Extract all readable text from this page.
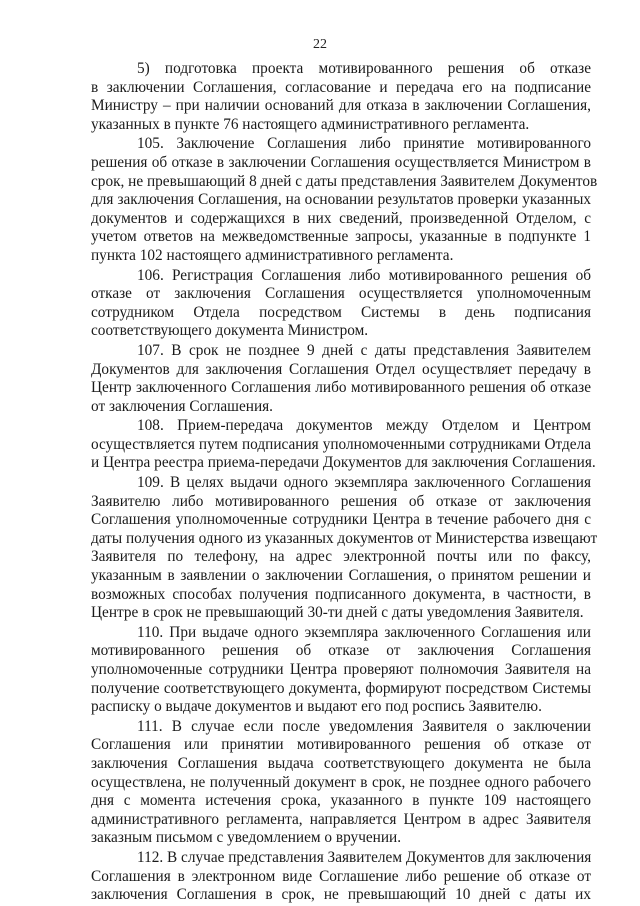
22
5) подготовка проекта мотивированного решения об отказе
в заключении Соглашения, согласование и передача его на подписание
Министру – при наличии оснований для отказа в заключении Соглашения,
указанных в пункте 76 настоящего административного регламента.
105. Заключение Соглашения либо принятие мотивированного
решения об отказе в заключении Соглашения осуществляется Министром в
срок, не превышающий 8 дней с даты представления Заявителем Документов
для заключения Соглашения, на основании результатов проверки указанных
документов и содержащихся в них сведений, произведенной Отделом, с
учетом ответов на межведомственные запросы, указанные в подпункте 1
пункта 102 настоящего административного регламента.
106. Регистрация Соглашения либо мотивированного решения об
отказе от заключения Соглашения осуществляется уполномоченным
сотрудником Отдела посредством Системы в день подписания
соответствующего документа Министром.
107. В срок не позднее 9 дней с даты представления Заявителем
Документов для заключения Соглашения Отдел осуществляет передачу в
Центр заключенного Соглашения либо мотивированного решения об отказе
от заключения Соглашения.
108. Прием-передача документов между Отделом и Центром
осуществляется путем подписания уполномоченными сотрудниками Отдела
и Центра реестра приема-передачи Документов для заключения Соглашения.
109. В целях выдачи одного экземпляра заключенного Соглашения
Заявителю либо мотивированного решения об отказе от заключения
Соглашения уполномоченные сотрудники Центра в течение рабочего дня с
даты получения одного из указанных документов от Министерства извещают
Заявителя по телефону, на адрес электронной почты или по факсу,
указанным в заявлении о заключении Соглашения, о принятом решении и
возможных способах получения подписанного документа, в частности, в
Центре в срок не превышающий 30-ти дней с даты уведомления Заявителя.
110. При выдаче одного экземпляра заключенного Соглашения или
мотивированного решения об отказе от заключения Соглашения
уполномоченные сотрудники Центра проверяют полномочия Заявителя на
получение соответствующего документа, формируют посредством Системы
расписку о выдаче документов и выдают его под роспись Заявителю.
111. В случае если после уведомления Заявителя о заключении
Соглашения или принятии мотивированного решения об отказе от
заключения Соглашения выдача соответствующего документа не была
осуществлена, не полученный документ в срок, не позднее одного рабочего
дня с момента истечения срока, указанного в пункте 109 настоящего
административного регламента, направляется Центром в адрес Заявителя
заказным письмом с уведомлением о вручении.
112. В случае представления Заявителем Документов для заключения
Соглашения в электронном виде Соглашение либо решение об отказе от
заключения Соглашения в срок, не превышающий 10 дней с даты их
